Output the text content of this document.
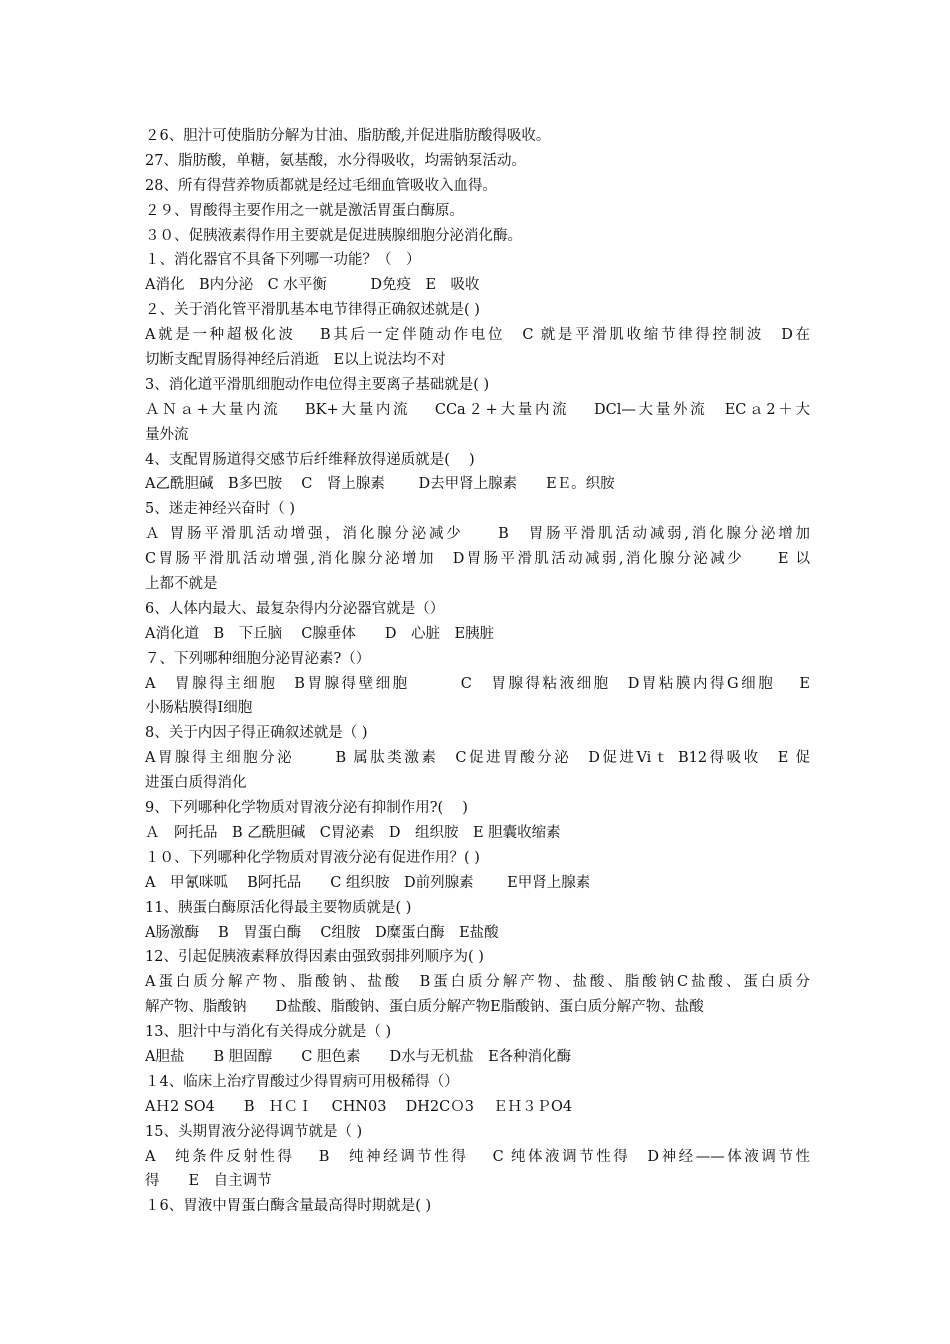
２6、胆汁可使脂肪分解为甘油、脂肪酸,并促进脂肪酸得吸收。
27、脂肪酸，单糖，氨基酸，水分得吸收，均需钠泵活动。
28、所有得营养物质都就是经过毛细血管吸收入血得。
２９、胃酸得主要作用之一就是激活胃蛋白酶原。
３０、促胰液素得作用主要就是促进胰腺细胞分泌消化酶。
１、消化器官不具备下列哪一功能？（　）
A消化　B内分泌　C 水平衡　　　D免疫　E　吸收
２、关于消化管平滑肌基本电节律得正确叙述就是( )
A就是一种超极化波　 B其后一定伴随动作电位　C 就是平滑肌收缩节律得控制波　D在
切断支配胃肠得神经后消逝　E以上说法均不对
3、消化道平滑肌细胞动作电位得主要离子基础就是( )
ＡＮａ+大量内流　 BK+大量内流　 CCa２+大量内流　 DCl—大量外流　ECａ2＋大
量外流
4、支配胃肠道得交感节后纤维释放得递质就是(　 )
A乙酰胆碱　B多巴胺　 C　肾上腺素　　 D去甲肾上腺素　　EＥ。织胺
5、迷走神经兴奋时（ )
Ａ 胃肠平滑肌活动增强，消化腺分泌减少　　B　胃肠平滑肌活动减弱,消化腺分泌增加
C胃肠平滑肌活动增强,消化腺分泌增加　D胃肠平滑肌活动减弱,消化腺分泌减少　　E 以
上都不就是
6、人体内最大、最复杂得内分泌器官就是（）
A消化道　B　下丘脑　 C腺垂体　　D　心脏　E胰脏
７、下列哪种细胞分泌胃泌素?（）
A　胃腺得主细胞　B胃腺得壁细胞　　　C　胃腺得粘液细胞　D胃粘膜内得G细胞　 E
小肠粘膜得I细胞
8、关于内因子得正确叙述就是（ )
A胃腺得主细胞分泌　　 B 属肽类激素　C促进胃酸分泌　D促进Viｔ B12得吸收　E 促
进蛋白质得消化
9、下列哪种化学物质对胃液分泌有抑制作用?(　 )
Ａ　阿托品　B 乙酰胆碱　C胃泌素　D　组织胺　E 胆囊收缩素
１０、下列哪种化学物质对胃液分泌有促进作用？( )
A　甲氰咪呱　 B阿托品　　C 组织胺　D前列腺素　　 E甲肾上腺素
11、胰蛋白酶原活化得最主要物质就是( )
A肠激酶　 B　胃蛋白酶　 C组胺　D糜蛋白酶　E盐酸
12、引起促胰液素释放得因素由强致弱排列顺序为( )
A蛋白质分解产物、脂酸钠、盐酸　B蛋白质分解产物、盐酸、脂酸钠C盐酸、蛋白质分
解产物、脂酸钠　　D盐酸、脂酸钠、蛋白质分解产物E脂酸钠、蛋白质分解产物、盐酸
13、胆汁中与消化有关得成分就是（ )
A胆盐　　B 胆固醇　　C 胆色素　　D水与无机盐　E各种消化酶
１4、临床上治疗胃酸过少得胃病可用极稀得（）
AＨ2 SO4　　B　ＨＣＩ　 CHN03　 DH2CＯ3　 ＥＨ３ＰO4
15、头期胃液分泌得调节就是（ )
A　纯条件反射性得　 B　纯神经调节性得　 C 纯体液调节性得　D神经——体液调节性
得　　E　自主调节
１6、胃液中胃蛋白酶含量最高得时期就是( )
